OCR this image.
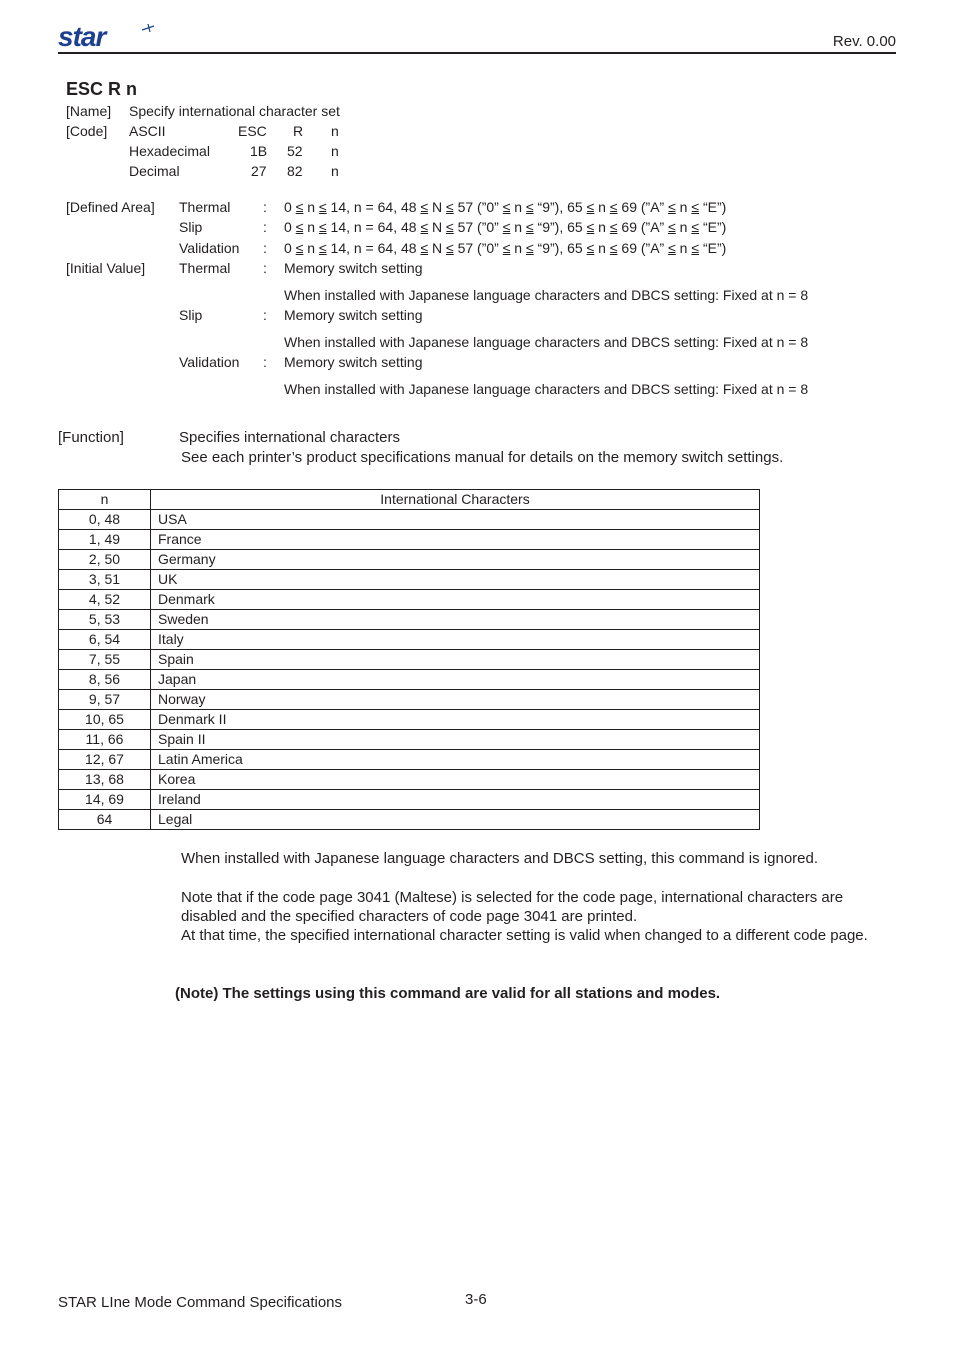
star	Rev. 0.00
ESC R n
[Name] Specify international character set
[Code] ASCII	ESC R n
Hexadecimal	1B 52 n
Decimal	27 82 n
[Defined Area] Thermal : 0 ≤ n ≤ 14, n = 64, 48 ≤ N ≤ 57 (”0” ≤ n ≤ “9”), 65 ≤ n ≤ 69 (”A” ≤ n ≤ “E”)
Slip	: 0 ≤ n ≤ 14, n = 64, 48 ≤ N ≤ 57 (”0” ≤ n ≤ “9”), 65 ≤ n ≤ 69 (”A” ≤ n ≤ “E”)
Validation : 0 ≤ n ≤ 14, n = 64, 48 ≤ N ≤ 57 (”0” ≤ n ≤ “9”), 65 ≤ n ≤ 69 (”A” ≤ n ≤ “E”)
[Initial Value] Thermal : Memory switch setting
When installed with Japanese language characters and DBCS setting: Fixed at n = 8
Slip	: Memory switch setting
When installed with Japanese language characters and DBCS setting: Fixed at n = 8
Validation : Memory switch setting
When installed with Japanese language characters and DBCS setting: Fixed at n = 8
[Function]	Specifies international characters
See each printer’s product specifications manual for details on the memory switch settings.
n	International Characters
0, 48	USA
1, 49	France
2, 50	Germany
3, 51	UK
4, 52	Denmark
5, 53	Sweden
6, 54	Italy
7, 55	Spain
8, 56	Japan
9, 57	Norway
10, 65	Denmark II
11, 66	Spain II
12, 67	Latin America
13, 68	Korea
14, 69	Ireland
64	Legal
When installed with Japanese language characters and DBCS setting, this command is ignored.
Note that if the code page 3041 (Maltese) is selected for the code page, international characters are disabled and the specified characters of code page 3041 are printed.
At that time, the specified international character setting is valid when changed to a different code page.
(Note) The settings using this command are valid for all stations and modes.
STAR LIne Mode Command Specifications	3-6
